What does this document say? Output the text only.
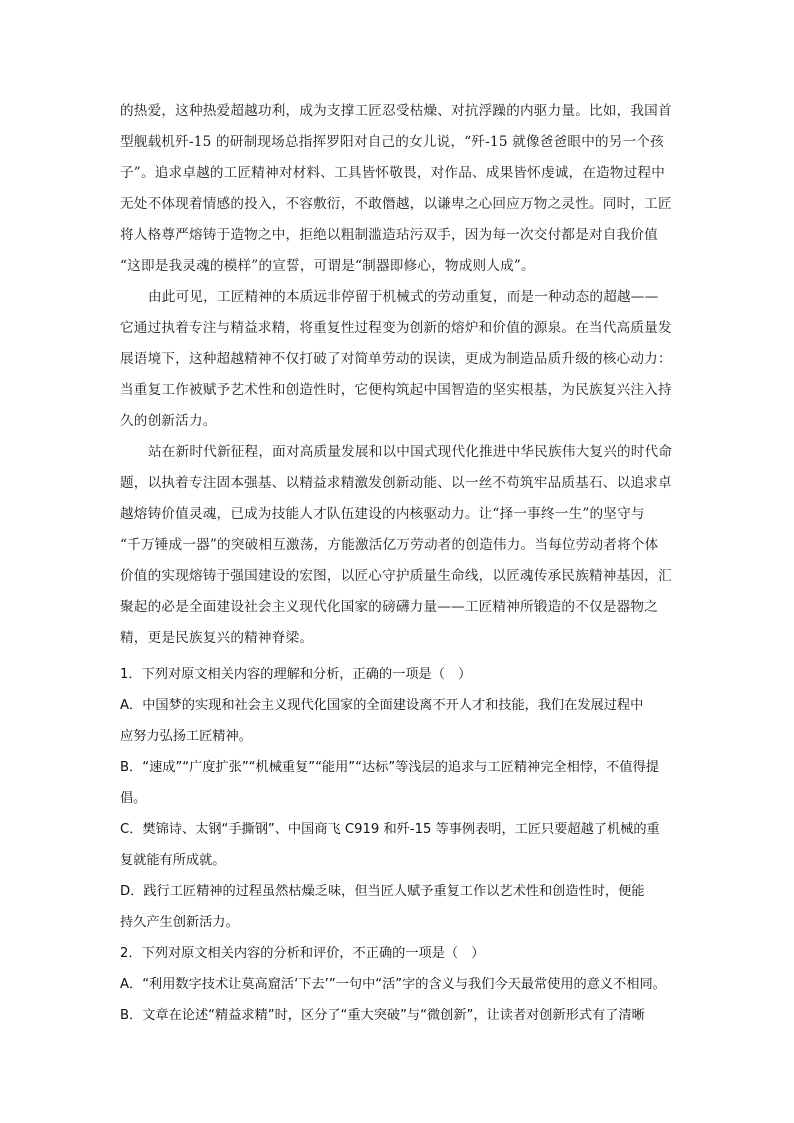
的热爱，这种热爱超越功利，成为支撑工匠忍受枯燥、对抗浮躁的内驱力量。比如，我国首
型舰载机歼-15 的研制现场总指挥罗阳对自己的女儿说，“歼-15 就像爸爸眼中的另一个孩
子”。追求卓越的工匠精神对材料、工具皆怀敬畏，对作品、成果皆怀虔诚，在造物过程中
无处不体现着情感的投入，不容敷衍，不敢僭越，以谦卑之心回应万物之灵性。同时，工匠
将人格尊严熔铸于造物之中，拒绝以粗制滥造玷污双手，因为每一次交付都是对自我价值
“这即是我灵魂的模样”的宣誓，可谓是“制器即修心，物成则人成”。

由此可见，工匠精神的本质远非停留于机械式的劳动重复，而是一种动态的超越——
它通过执着专注与精益求精，将重复性过程变为创新的熔炉和价值的源泉。在当代高质量发
展语境下，这种超越精神不仅打破了对简单劳动的误读，更成为制造品质升级的核心动力：
当重复工作被赋予艺术性和创造性时，它便构筑起中国智造的坚实根基，为民族复兴注入持
久的创新活力。

站在新时代新征程，面对高质量发展和以中国式现代化推进中华民族伟大复兴的时代命
题，以执着专注固本强基、以精益求精激发创新动能、以一丝不苟筑牢品质基石、以追求卓
越熔铸价值灵魂，已成为技能人才队伍建设的内核驱动力。让“择一事终一生”的坚守与
“千万锤成一器”的突破相互激荡，方能激活亿万劳动者的创造伟力。当每位劳动者将个体
价值的实现熔铸于强国建设的宏图，以匠心守护质量生命线，以匠魂传承民族精神基因，汇
聚起的必是全面建设社会主义现代化国家的磅礴力量——工匠精神所锻造的不仅是器物之
精，更是民族复兴的精神脊梁。

1．下列对原文相关内容的理解和分析，正确的一项是（　）

A．中国梦的实现和社会主义现代化国家的全面建设离不开人才和技能，我们在发展过程中
应努力弘扬工匠精神。

B．“速成”“广度扩张”“机械重复”“能用”“达标”等浅层的追求与工匠精神完全相悖，不值得提
倡。

C．樊锦诗、太钢“手撕钢”、中国商飞 C919 和歼-15 等事例表明，工匠只要超越了机械的重
复就能有所成就。

D．践行工匠精神的过程虽然枯燥乏味，但当匠人赋予重复工作以艺术性和创造性时，便能
持久产生创新活力。

2．下列对原文相关内容的分析和评价，不正确的一项是（　）

A．“利用数字技术让莫高窟活‘下去’”一句中“活”字的含义与我们今天最常使用的意义不相同。

B．文章在论述“精益求精”时，区分了“重大突破”与“微创新”，让读者对创新形式有了清晰
